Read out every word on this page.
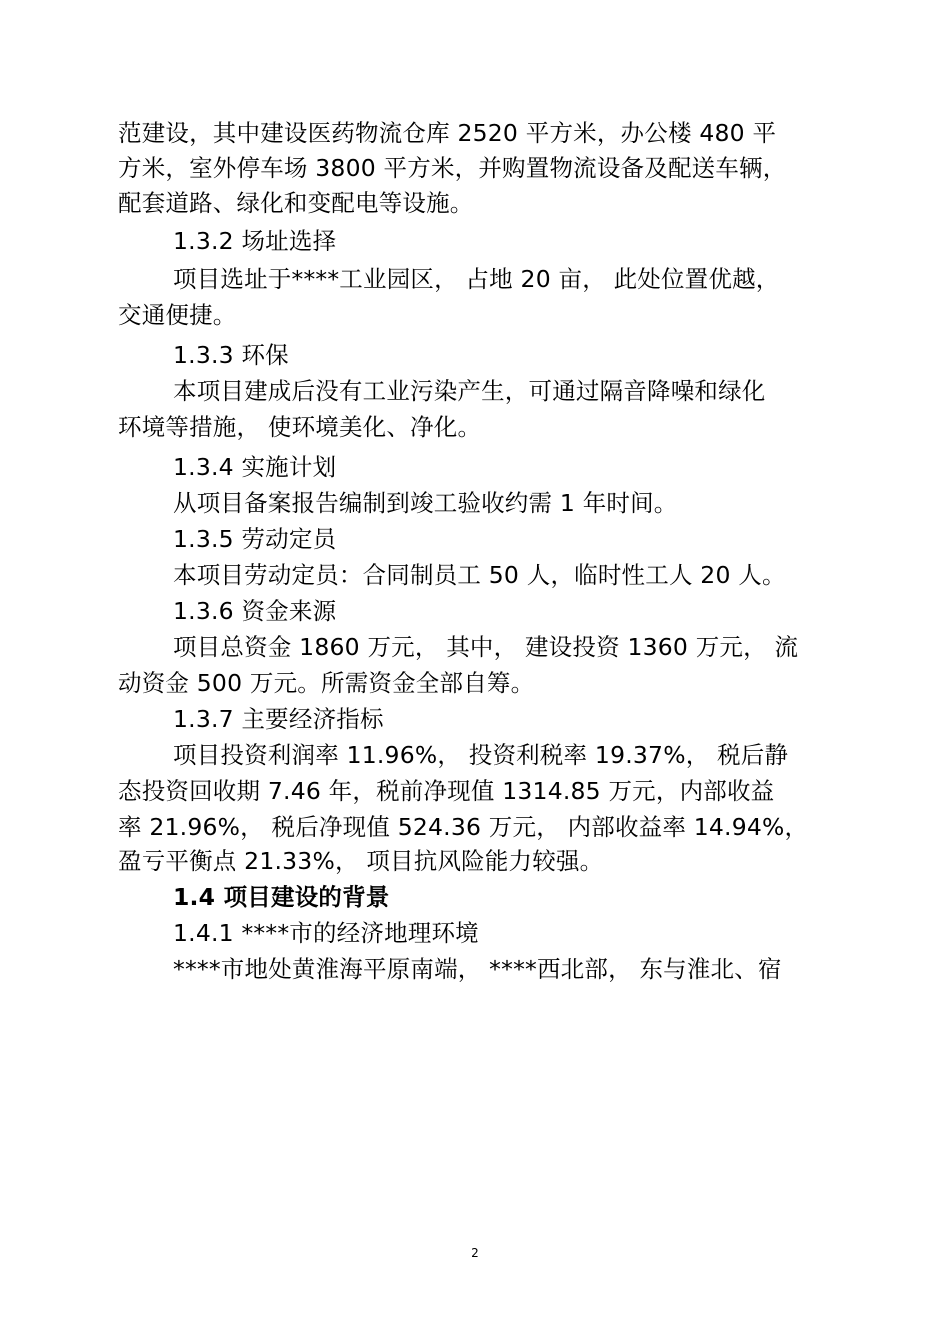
范建设，其中建设医药物流仓库 2520 平方米，办公楼 480 平
方米，室外停车场 3800 平方米，并购置物流设备及配送车辆，
配套道路、绿化和变配电等设施。
1.3.2 场址选择
项目选址于****工业园区， 占地 20 亩， 此处位置优越，
交通便捷。
1.3.3 环保
本项目建成后没有工业污染产生，可通过隔音降噪和绿化
环境等措施， 使环境美化、净化。
1.3.4 实施计划
从项目备案报告编制到竣工验收约需 1 年时间。
1.3.5 劳动定员
本项目劳动定员：合同制员工 50 人，临时性工人 20 人。
1.3.6 资金来源
项目总资金 1860 万元， 其中， 建设投资 1360 万元， 流
动资金 500 万元。所需资金全部自筹。
1.3.7 主要经济指标
项目投资利润率 11.96%， 投资利税率 19.37%， 税后静
态投资回收期 7.46 年，税前净现值 1314.85 万元，内部收益
率 21.96%， 税后净现值 524.36 万元， 内部收益率 14.94%，
盈亏平衡点 21.33%， 项目抗风险能力较强。
1.4 项目建设的背景
1.4.1 ****市的经济地理环境
****市地处黄淮海平原南端， ****西北部， 东与淮北、宿
2
